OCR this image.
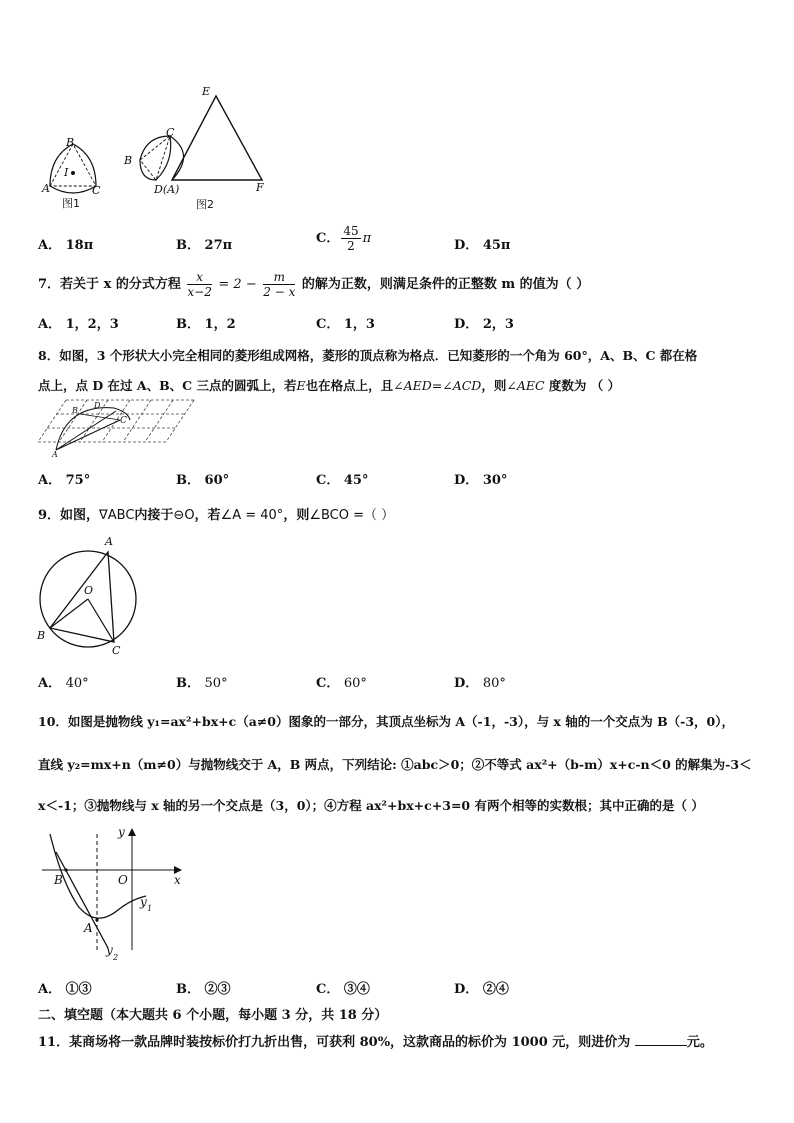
B
I
A	C
图1
E
C
B
D(A)	F
图2
A． 18π	B． 27π	C． $\frac{45}{2}$ π	D． 45π
7．若关于 x 的分式方程 $\frac{x}{x-2} = 2 - \frac{m}{2 - x}$ 的解为正数，则满足条件的正整数 m 的值为（ ）
A． 1，2，3	B． 1，2	C． 1，3	D． 2，3
8．如图，3 个形状大小完全相同的菱形组成网格，菱形的顶点称为格点．已知菱形的一个角为 60°，A、B、C 都在格
点上，点 D 在过 A、B、C 三点的圆弧上，若E也在格点上，且∠AED=∠ACD，则∠AEC 度数为 （ ）
B
D
C
A
A． 75°	B． 60°	C． 45°	D． 30°
9．如图，∇ABC内接于⊖O，若∠A = 40°，则∠BCO =（ ）
A
O
B
C
A． 40°	B． 50°	C． 60°	D． 80°
10．如图是抛物线 y₁=ax²+bx+c（a≠0）图象的一部分，其顶点坐标为 A（-1，-3），与 x 轴的一个交点为 B（-3，0），
直线 y₂=mx+n（m≠0）与抛物线交于 A，B 两点，下列结论: ①abc＞0；②不等式 ax²+（b-m）x+c-n＜0 的解集为-3＜
x＜-1；③抛物线与 x 轴的另一个交点是（3，0）；④方程 ax²+bx+c+3=0 有两个相等的实数根；其中正确的是（ ）
y
B	O	x
y 1
A
y
2
A． ①③	B． ②③	C． ③④	D． ②④
二、填空题（本大题共 6 个小题，每小题 3 分，共 18 分）
11．某商场将一款品牌时装按标价打九折出售，可获利 80%，这款商品的标价为 1000 元，则进价为	元。
